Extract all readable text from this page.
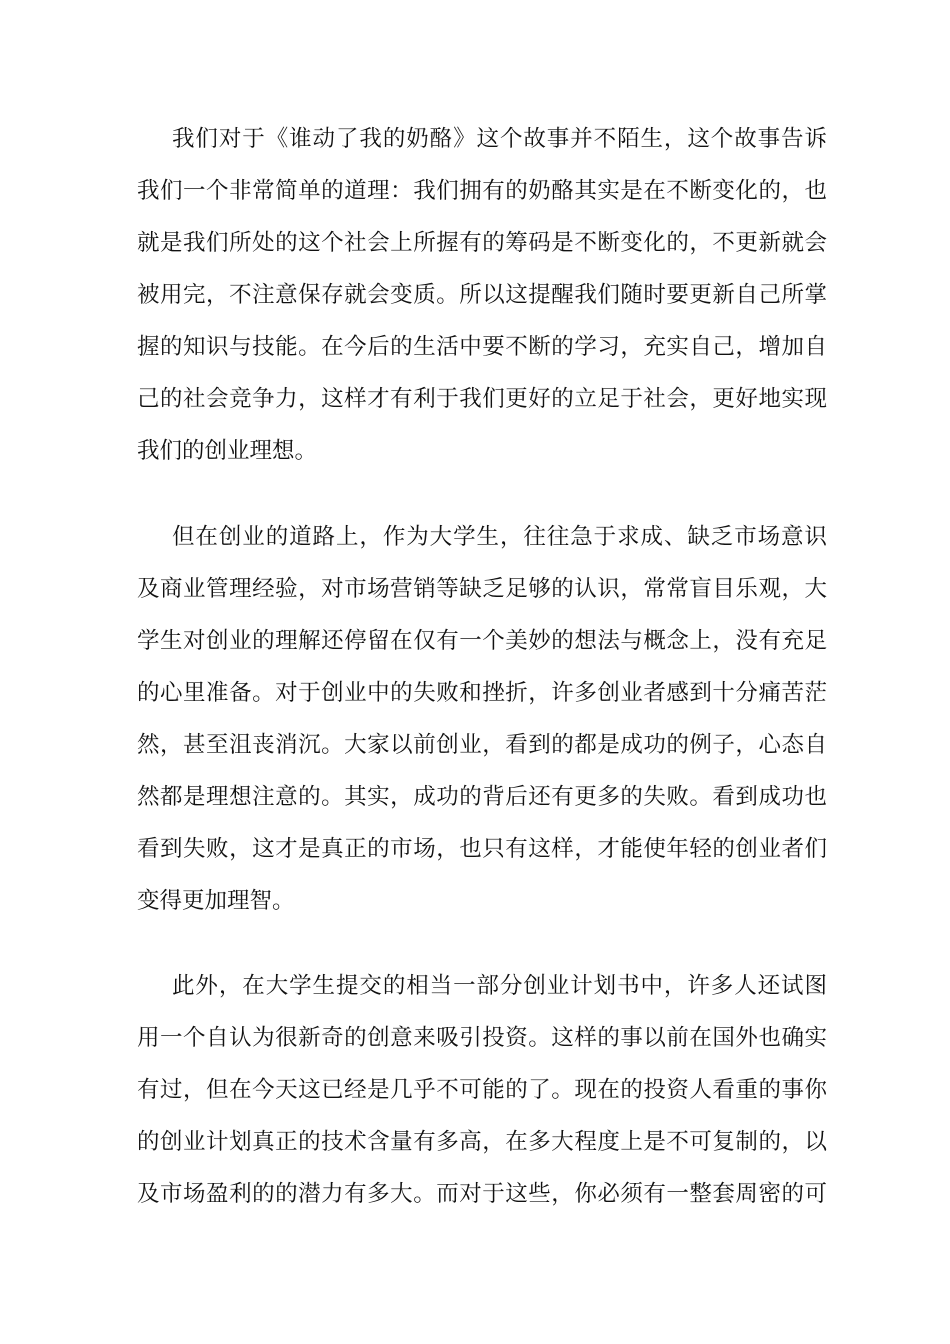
我们对于《谁动了我的奶酪》这个故事并不陌生，这个故事告诉
我们一个非常简单的道理：我们拥有的奶酪其实是在不断变化的，也
就是我们所处的这个社会上所握有的筹码是不断变化的，不更新就会
被用完，不注意保存就会变质。所以这提醒我们随时要更新自己所掌
握的知识与技能。在今后的生活中要不断的学习，充实自己，增加自
己的社会竞争力，这样才有利于我们更好的立足于社会，更好地实现
我们的创业理想。
但在创业的道路上，作为大学生，往往急于求成、缺乏市场意识
及商业管理经验，对市场营销等缺乏足够的认识，常常盲目乐观，大
学生对创业的理解还停留在仅有一个美妙的想法与概念上，没有充足
的心里准备。对于创业中的失败和挫折，许多创业者感到十分痛苦茫
然，甚至沮丧消沉。大家以前创业，看到的都是成功的例子，心态自
然都是理想注意的。其实，成功的背后还有更多的失败。看到成功也
看到失败，这才是真正的市场，也只有这样，才能使年轻的创业者们
变得更加理智。
此外，在大学生提交的相当一部分创业计划书中，许多人还试图
用一个自认为很新奇的创意来吸引投资。这样的事以前在国外也确实
有过，但在今天这已经是几乎不可能的了。现在的投资人看重的事你
的创业计划真正的技术含量有多高，在多大程度上是不可复制的，以
及市场盈利的的潜力有多大。而对于这些，你必须有一整套周密的可
